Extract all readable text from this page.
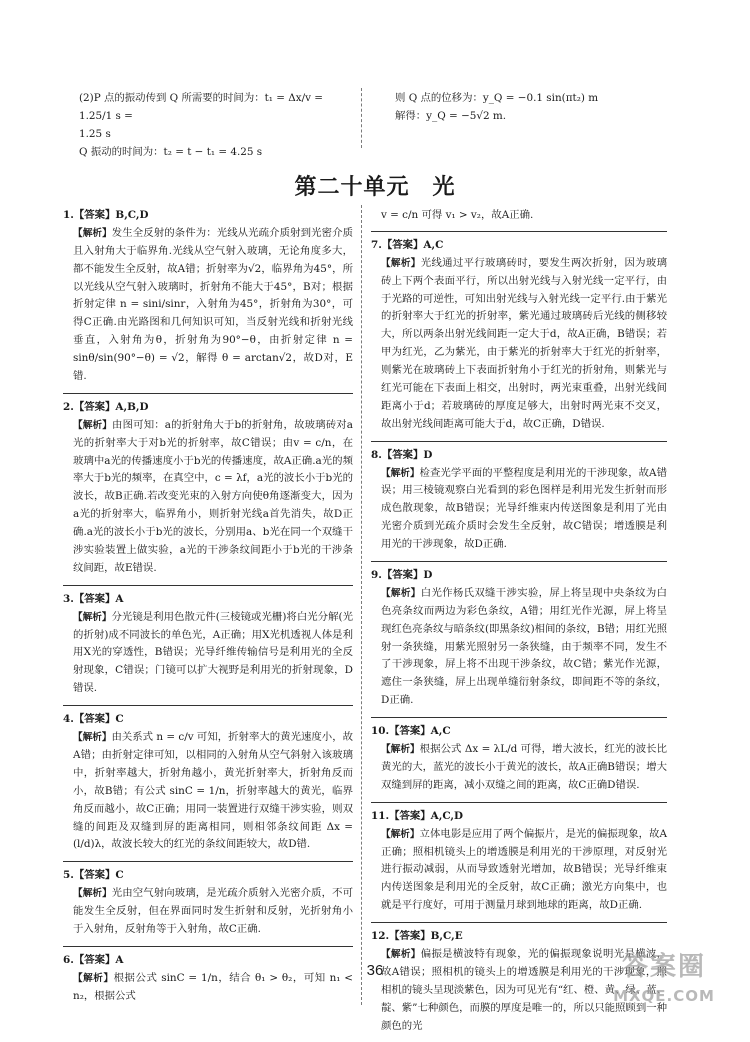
(2)P 点的振动传到 Q 所需要的时间为：t₁ = Δx/v = 1.25/1 s =

1.25 s

Q 振动的时间为：t₂ = t − t₁ = 4.25 s

则 Q 点的位移为：y_Q = −0.1 sin(πt₂) m

解得：y_Q = −5√2 m.

第二十单元　光

1.【答案】B,C,D

【解析】发生全反射的条件为：光线从光疏介质射到光密介质且入射角大于临界角.光线从空气射入玻璃，无论角度多大，都不能发生全反射，故A错；折射率为√2，临界角为45°，所以光线从空气射入玻璃时，折射角不能大于45°，B对；根据折射定律 n = sini/sinr，入射角为45°，折射角为30°，可得C正确.由光路图和几何知识可知，当反射光线和折射光线垂直，入射角为θ，折射角为90°−θ，由折射定律 n = sinθ/sin(90°−θ) = √2，解得 θ = arctan√2，故D对，E错.

2.【答案】A,B,D

【解析】由图可知：a的折射角大于b的折射角，故玻璃砖对a光的折射率大于对b光的折射率，故C错误；由v = c/n，在玻璃中a光的传播速度小于b光的传播速度，故A正确.a光的频率大于b光的频率，在真空中，c = λf，a光的波长小于b光的波长，故B正确.若改变光束的入射方向使θ角逐渐变大，因为a光的折射率大，临界角小，则折射光线a首先消失，故D正确.a光的波长小于b光的波长，分别用a、b光在同一个双缝干涉实验装置上做实验，a光的干涉条纹间距小于b光的干涉条纹间距，故E错误.

3.【答案】A

【解析】分光镜是利用色散元件(三棱镜或光栅)将白光分解(光的折射)成不同波长的单色光，A正确；用X光机透视人体是利用X光的穿透性，B错误；光导纤维传输信号是利用光的全反射现象，C错误；门镜可以扩大视野是利用光的折射现象，D错误.

4.【答案】C

【解析】由关系式 n = c/v 可知，折射率大的黄光速度小，故A错；由折射定律可知，以相同的入射角从空气斜射入该玻璃中，折射率越大，折射角越小，黄光折射率大，折射角反而小，故B错；有公式 sinC = 1/n，折射率越大的黄光，临界角反而越小，故C正确；用同一装置进行双缝干涉实验，则双缝的间距及双缝到屏的距离相同，则相邻条纹间距 Δx = (l/d)λ，故波长较大的红光的条纹间距较大，故D错.

5.【答案】C

【解析】光由空气射向玻璃，是光疏介质射入光密介质，不可能发生全反射，但在界面同时发生折射和反射，光折射角小于入射角，反射角等于入射角，故C正确.

6.【答案】A

【解析】根据公式 sinC = 1/n，结合 θ₁ > θ₂，可知 n₁ < n₂，根据公式

v = c/n 可得 v₁ > v₂，故A正确.

7.【答案】A,C

【解析】光线通过平行玻璃砖时，要发生两次折射，因为玻璃砖上下两个表面平行，所以出射光线与入射光线一定平行，由于光路的可逆性，可知出射光线与入射光线一定平行.由于紫光的折射率大于红光的折射率，紫光通过玻璃砖后光线的侧移较大，所以两条出射光线间距一定大于d，故A正确，B错误；若甲为红光，乙为紫光，由于紫光的折射率大于红光的折射率，则紫光在玻璃砖上下表面折射角小于红光的折射角，则紫光与红光可能在下表面上相交，出射时，两光束重叠，出射光线间距离小于d；若玻璃砖的厚度足够大，出射时两光束不交叉，故出射光线间距离可能大于d，故C正确，D错误.

8.【答案】D

【解析】检查光学平面的平整程度是利用光的干涉现象，故A错误；用三棱镜观察白光看到的彩色图样是利用光发生折射而形成色散现象，故B错误；光导纤维束内传送图象是利用了光由光密介质到光疏介质时会发生全反射，故C错误；增透膜是利用光的干涉现象，故D正确.

9.【答案】D

【解析】白光作杨氏双缝干涉实验，屏上将呈现中央条纹为白色亮条纹而两边为彩色条纹，A错；用红光作光源，屏上将呈现红色亮条纹与暗条纹(即黑条纹)相间的条纹，B错；用红光照射一条狭缝，用紫光照射另一条狭缝，由于频率不同，发生不了干涉现象，屏上将不出现干涉条纹，故C错；紫光作光源，遮住一条狭缝，屏上出现单缝衍射条纹，即间距不等的条纹，D正确.

10.【答案】A,C

【解析】根据公式 Δx = λL/d 可得，增大波长，红光的波长比黄光的大，蓝光的波长小于黄光的波长，故A正确B错误；增大双缝到屏的距离，减小双缝之间的距离，故C正确D错误.

11.【答案】A,C,D

【解析】立体电影是应用了两个偏振片，是光的偏振现象，故A正确；照相机镜头上的增透膜是利用光的干涉原理，对反射光进行振动减弱，从而导致透射光增加，故B错误；光导纤维束内传送图象是利用光的全反射，故C正确；激光方向集中，也就是平行度好，可用于测量月球到地球的距离，故D正确.

12.【答案】B,C,E

【解析】偏振是横波特有现象，光的偏振现象说明光是横波，故A错误；照相机的镜头上的增透膜是利用光的干涉现象，照相机的镜头呈现淡紫色，因为可见光有“红、橙、黄、绿、蓝、靛、紫”七种颜色，而膜的厚度是唯一的，所以只能照顾到一种颜色的光

36	答案圈
MXQE.COM
